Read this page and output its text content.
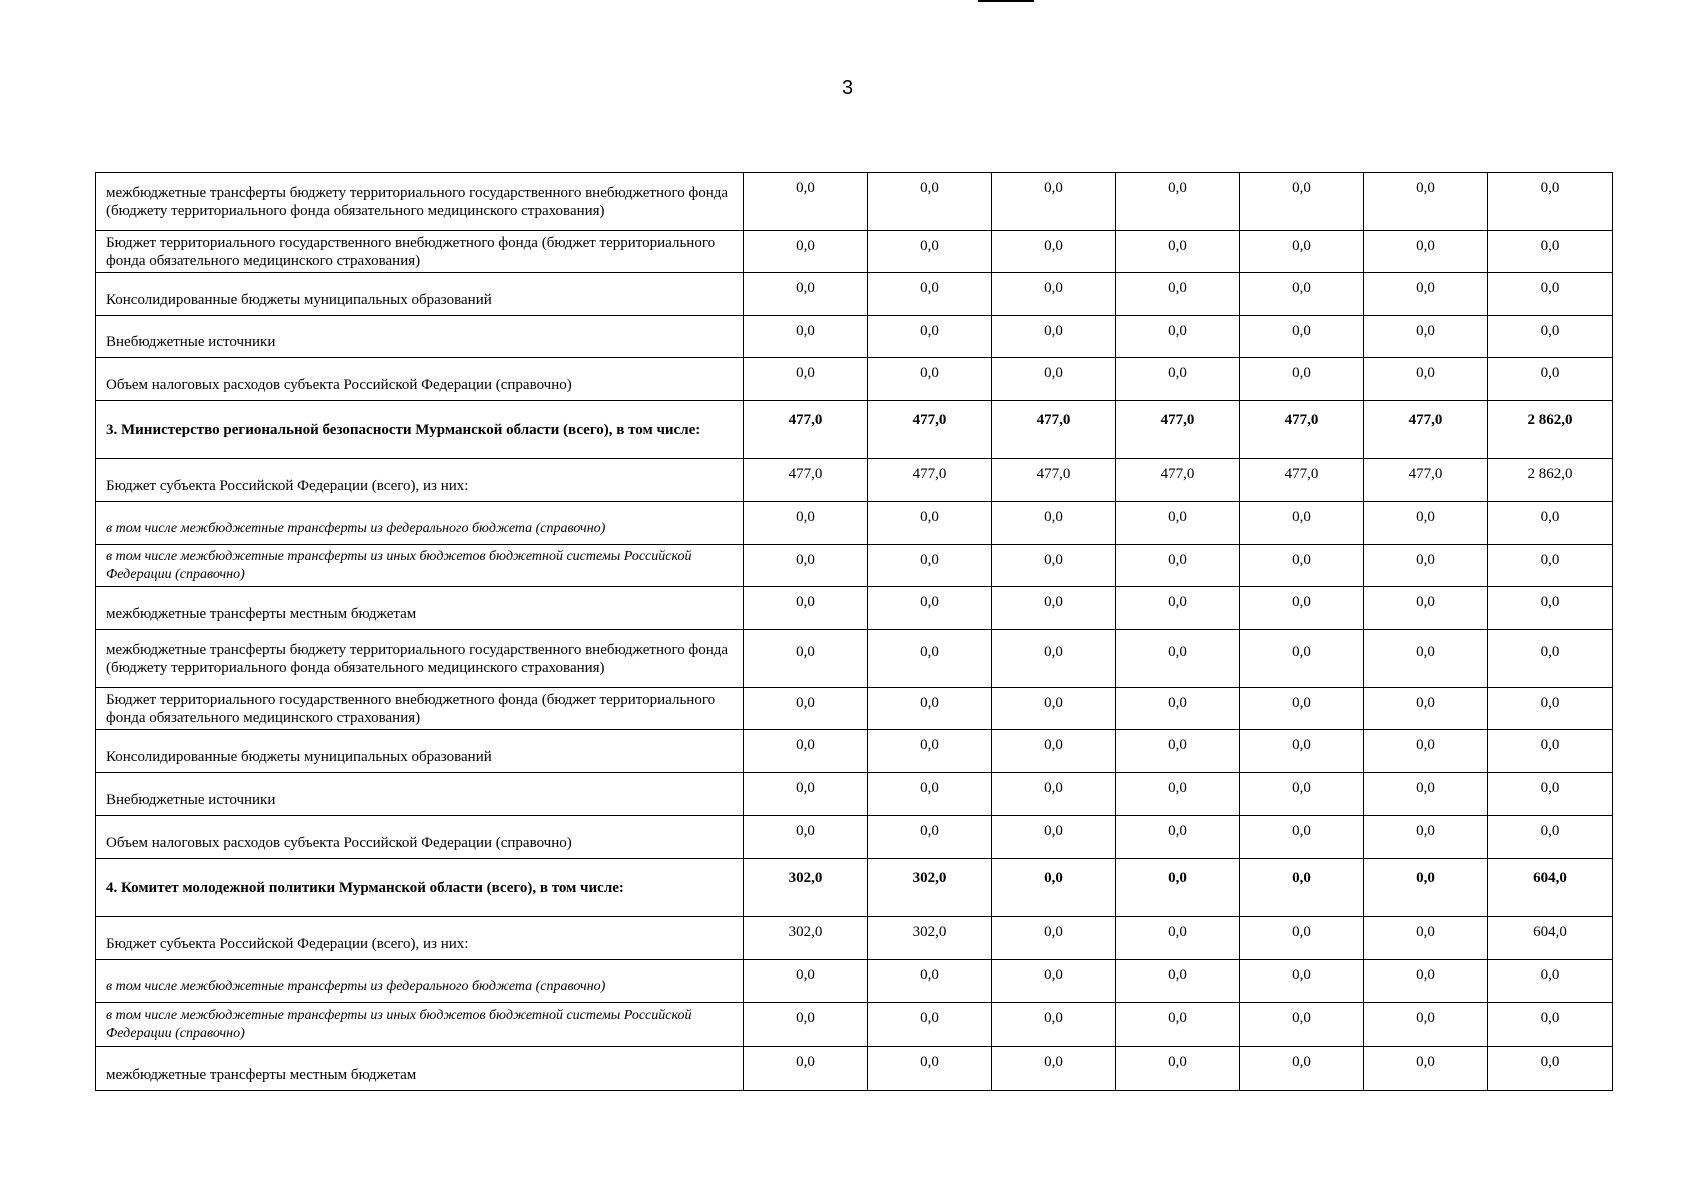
3
межбюджетные трансферты бюджету территориального государственного внебюджетного фонда (бюджету территориального фонда обязательного медицинского страхования)	0,0	0,0	0,0	0,0	0,0	0,0	0,0
Бюджет территориального государственного внебюджетного фонда (бюджет территориального фонда обязательного медицинского страхования)	0,0	0,0	0,0	0,0	0,0	0,0	0,0
Консолидированные бюджеты муниципальных образований	0,0	0,0	0,0	0,0	0,0	0,0	0,0
Внебюджетные источники	0,0	0,0	0,0	0,0	0,0	0,0	0,0
Объем налоговых расходов субъекта Российской Федерации (справочно)	0,0	0,0	0,0	0,0	0,0	0,0	0,0
3. Министерство региональной безопасности Мурманской области (всего), в том числе:	477,0	477,0	477,0	477,0	477,0	477,0	2 862,0
Бюджет субъекта Российской Федерации (всего), из них:	477,0	477,0	477,0	477,0	477,0	477,0	2 862,0
в том числе межбюджетные трансферты из федерального бюджета (справочно)	0,0	0,0	0,0	0,0	0,0	0,0	0,0
в том числе межбюджетные трансферты из иных бюджетов бюджетной системы Российской Федерации (справочно)	0,0	0,0	0,0	0,0	0,0	0,0	0,0
межбюджетные трансферты местным бюджетам	0,0	0,0	0,0	0,0	0,0	0,0	0,0
межбюджетные трансферты бюджету территориального государственного внебюджетного фонда (бюджету территориального фонда обязательного медицинского страхования)	0,0	0,0	0,0	0,0	0,0	0,0	0,0
Бюджет территориального государственного внебюджетного фонда (бюджет территориального фонда обязательного медицинского страхования)	0,0	0,0	0,0	0,0	0,0	0,0	0,0
Консолидированные бюджеты муниципальных образований	0,0	0,0	0,0	0,0	0,0	0,0	0,0
Внебюджетные источники	0,0	0,0	0,0	0,0	0,0	0,0	0,0
Объем налоговых расходов субъекта Российской Федерации (справочно)	0,0	0,0	0,0	0,0	0,0	0,0	0,0
4. Комитет молодежной политики Мурманской области (всего), в том числе:	302,0	302,0	0,0	0,0	0,0	0,0	604,0
Бюджет субъекта Российской Федерации (всего), из них:	302,0	302,0	0,0	0,0	0,0	0,0	604,0
в том числе межбюджетные трансферты из федерального бюджета (справочно)	0,0	0,0	0,0	0,0	0,0	0,0	0,0
в том числе межбюджетные трансферты из иных бюджетов бюджетной системы Российской Федерации (справочно)	0,0	0,0	0,0	0,0	0,0	0,0	0,0
межбюджетные трансферты местным бюджетам	0,0	0,0	0,0	0,0	0,0	0,0	0,0
